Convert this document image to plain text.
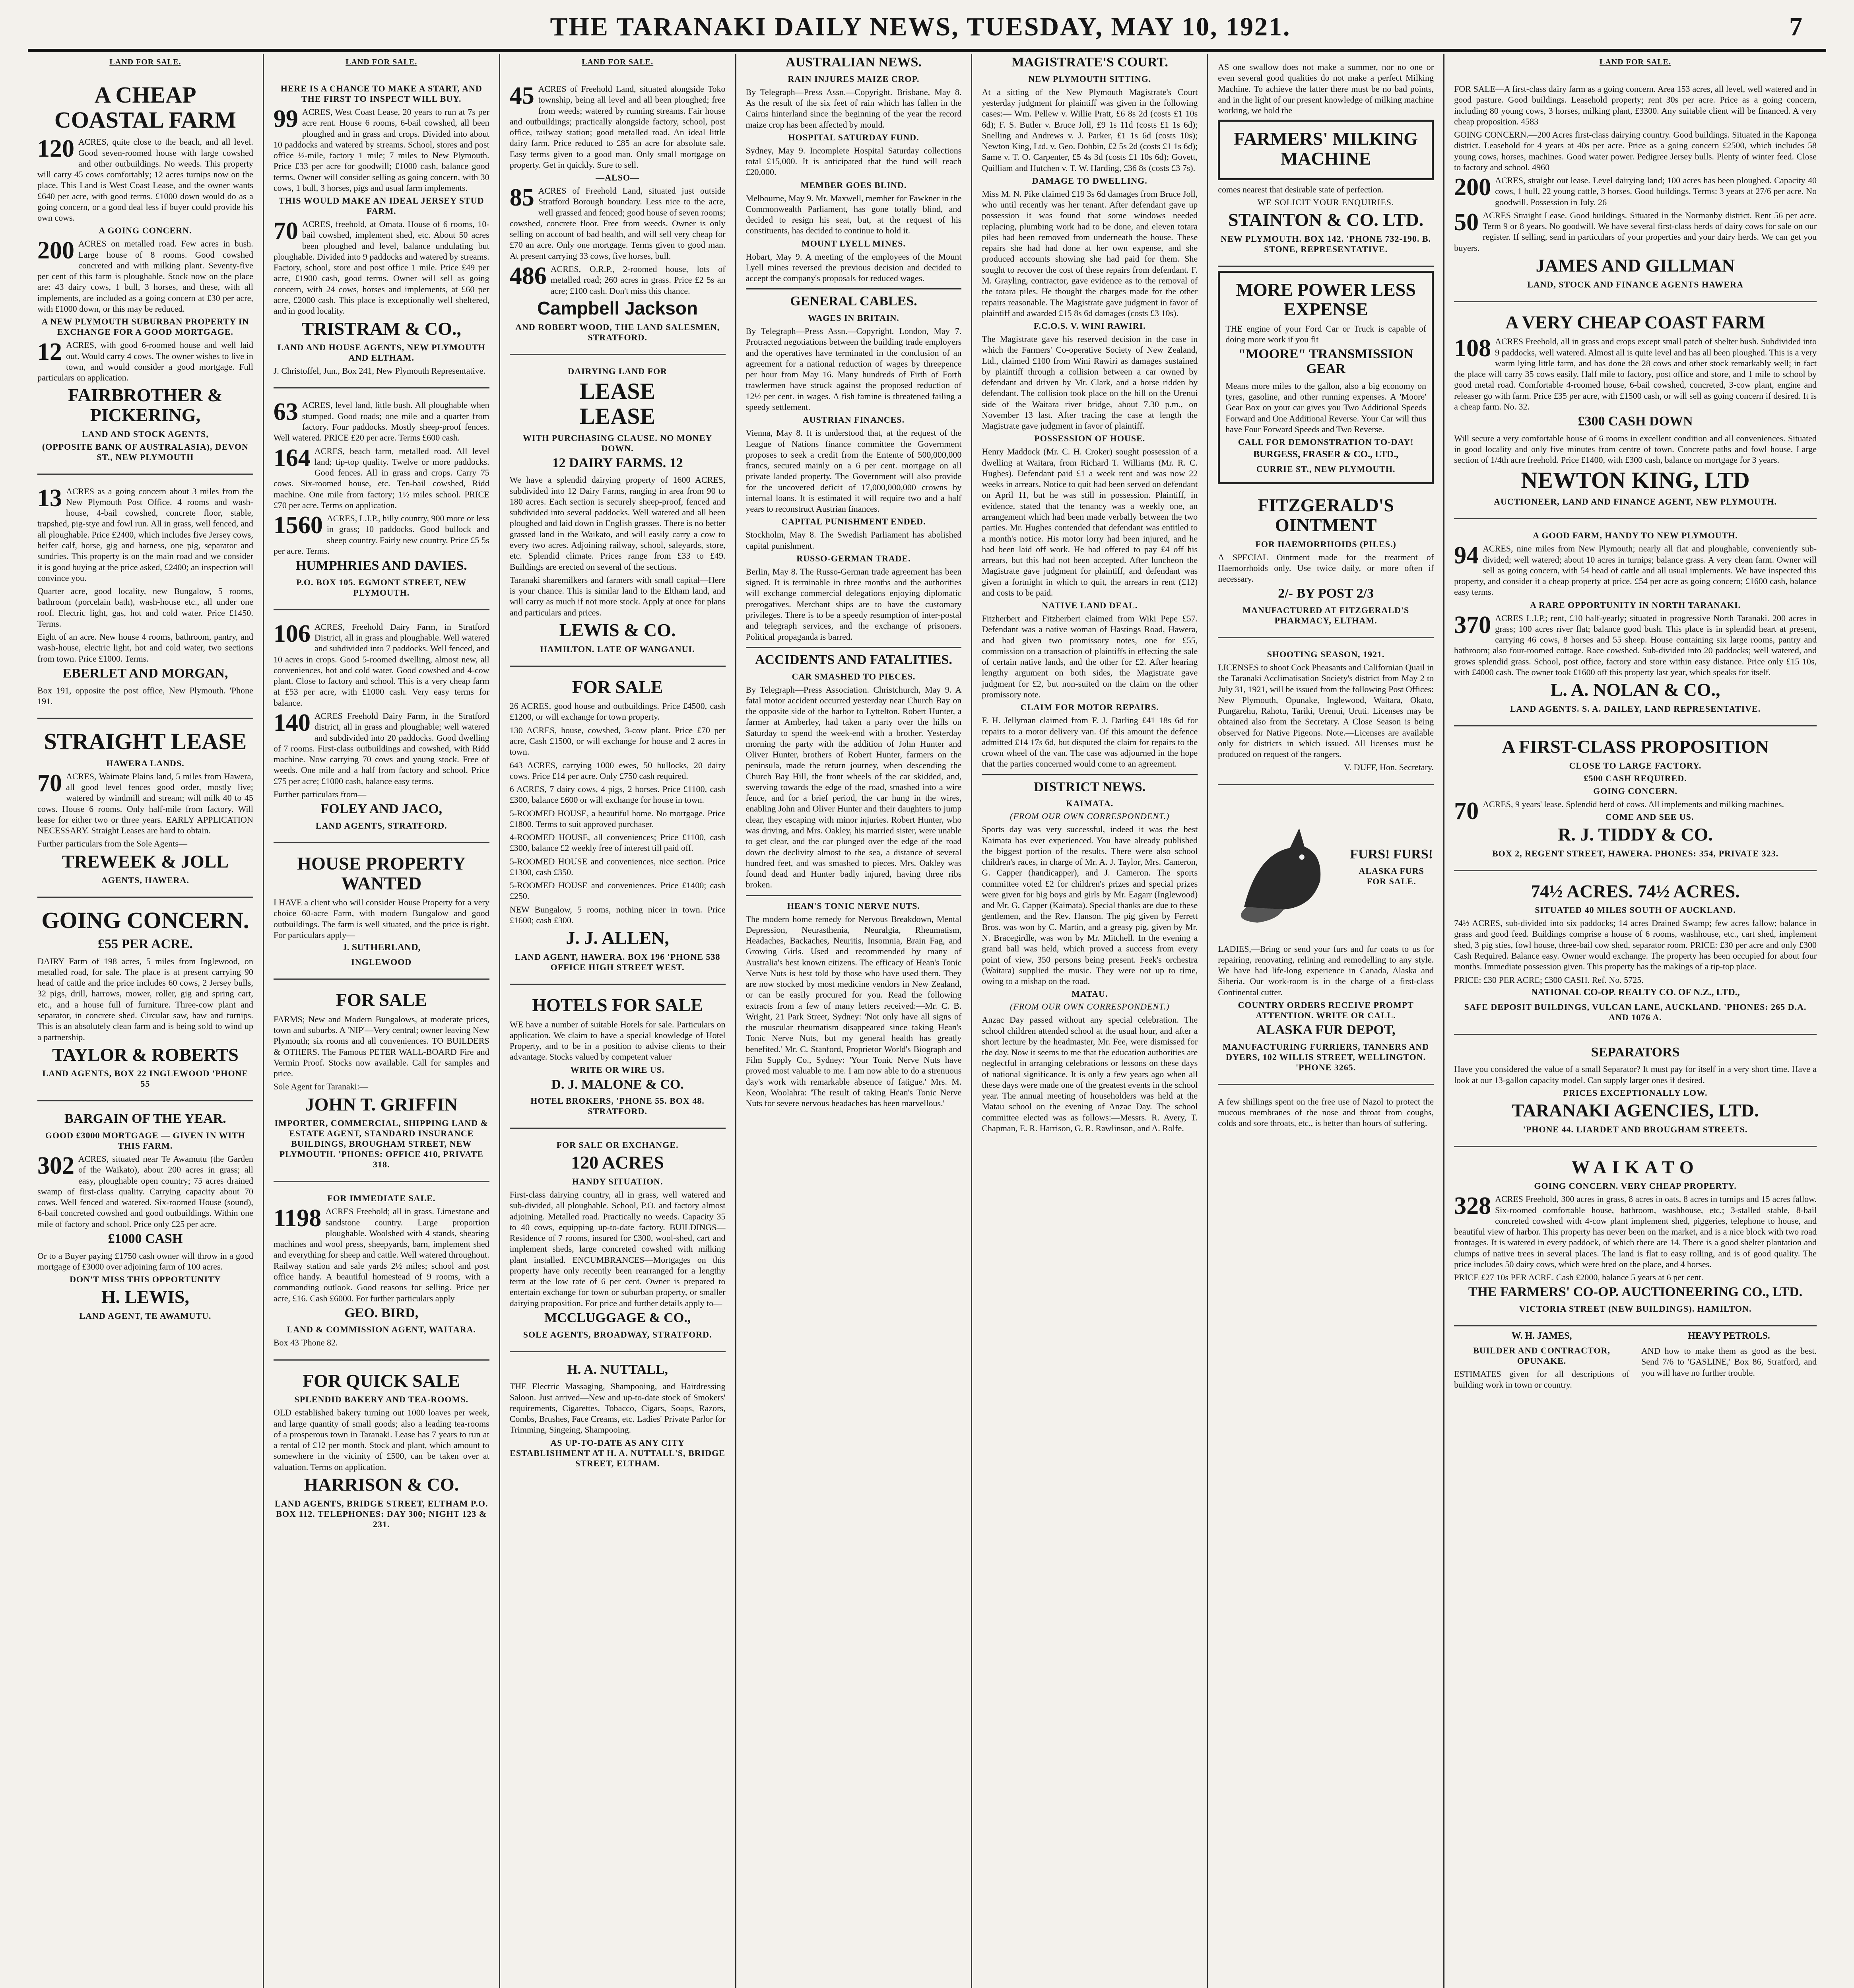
THE TARANAKI DAILY NEWS, TUESDAY, MAY 10, 1921.	7
LAND FOR SALE.
A CHEAP COASTAL FARM
120 ACRES, quite close to the beach, and all level. Good seven-roomed house with large cowshed and other outbuildings. No weeds. This property will carry 45 cows comfortably; 12 acres turnips now on the place. This Land is West Coast Lease, and the owner wants £640 per acre, with good terms. £1000 down would do as a going concern, or a good deal less if buyer could provide his own cows.
A GOING CONCERN.
200 ACRES on metalled road. Few acres in bush. Large house of 8 rooms. Good cowshed concreted and with milking plant. Seventy-five per cent of this farm is ploughable. Stock now on the place are: 43 dairy cows, 1 bull, 3 horses, and these, with all implements, are included as a going concern at £30 per acre, with £1000 down, or this may be reduced.
A NEW PLYMOUTH SUBURBAN PROPERTY IN EXCHANGE FOR A GOOD MORTGAGE.
12 ACRES, with good 6-roomed house and well laid out. Would carry 4 cows. The owner wishes to live in town, and would consider a good mortgage. Full particulars on application.
FAIRBROTHER & PICKERING,
LAND AND STOCK AGENTS,
(OPPOSITE BANK OF AUSTRALASIA), DEVON ST., NEW PLYMOUTH
13 ACRES as a going concern about 3 miles from the New Plymouth Post Office. 4 rooms and wash-house, 4-bail cowshed, concrete floor, stable, trapshed, pig-stye and fowl run. All in grass, well fenced, and all ploughable. Price £2400, which includes five Jersey cows, heifer calf, horse, gig and harness, one pig, separator and sundries. This property is on the main road and we consider it is good buying at the price asked, £2400; an inspection will convince you.
Quarter acre, good locality, new Bungalow, 5 rooms, bathroom (porcelain bath), wash-house etc., all under one roof. Electric light, gas, hot and cold water. Price £1450. Terms.
Eight of an acre. New house 4 rooms, bathroom, pantry, and wash-house, electric light, hot and cold water, two sections from town. Price £1000. Terms.
EBERLET AND MORGAN,
Box 191, opposite the post office, New Plymouth. 'Phone 191.
STRAIGHT LEASE
HAWERA LANDS.
70 ACRES, Waimate Plains land, 5 miles from Hawera, all good level fences good order, mostly live; watered by windmill and stream; will milk 40 to 45 cows. House 6 rooms. Only half-mile from factory. Will lease for either two or three years. EARLY APPLICATION NECESSARY. Straight Leases are hard to obtain.
Further particulars from the Sole Agents—
TREWEEK & JOLL
AGENTS, HAWERA.
GOING CONCERN.
£55 PER ACRE.
DAIRY Farm of 198 acres, 5 miles from Inglewood, on metalled road, for sale. The place is at present carrying 90 head of cattle and the price includes 60 cows, 2 Jersey bulls, 32 pigs, drill, harrows, mower, roller, gig and spring cart, etc., and a house full of furniture. Three-cow plant and separator, in concrete shed. Circular saw, haw and turnips. This is an absolutely clean farm and is being sold to wind up a partnership.
TAYLOR & ROBERTS
LAND AGENTS, BOX 22 INGLEWOOD 'PHONE 55
BARGAIN OF THE YEAR.
GOOD £3000 MORTGAGE — GIVEN IN WITH THIS FARM.
302 ACRES, situated near Te Awamutu (the Garden of the Waikato), about 200 acres in grass; all easy, ploughable open country; 75 acres drained swamp of first-class quality. Carrying capacity about 70 cows. Well fenced and watered. Six-roomed House (sound), 6-bail concreted cowshed and good outbuildings. Within one mile of factory and school. Price only £25 per acre.
£1000 CASH
Or to a Buyer paying £1750 cash owner will throw in a good mortgage of £3000 over adjoining farm of 100 acres.
DON'T MISS THIS OPPORTUNITY
H. LEWIS,
LAND AGENT, TE AWAMUTU.
LAND FOR SALE.
HERE IS A CHANCE TO MAKE A START, AND THE FIRST TO INSPECT WILL BUY.
99 ACRES, West Coast Lease, 20 years to run at 7s per acre rent. House 6 rooms, 6-bail cowshed, all been ploughed and in grass and crops. Divided into about 10 paddocks and watered by streams. School, stores and post office ½-mile, factory 1 mile; 7 miles to New Plymouth. Price £33 per acre for goodwill; £1000 cash, balance good terms. Owner will consider selling as going concern, with 30 cows, 1 bull, 3 horses, pigs and usual farm implements.
THIS WOULD MAKE AN IDEAL JERSEY STUD FARM.
70 ACRES, freehold, at Omata. House of 6 rooms, 10-bail cowshed, implement shed, etc. About 50 acres been ploughed and level, balance undulating but ploughable. Divided into 9 paddocks and watered by streams. Factory, school, store and post office 1 mile. Price £49 per acre, £1900 cash, good terms. Owner will sell as going concern, with 24 cows, horses and implements, at £60 per acre, £2000 cash. This place is exceptionally well sheltered, and in good locality.
TRISTRAM & CO.,
LAND AND HOUSE AGENTS, NEW PLYMOUTH AND ELTHAM.
J. Christoffel, Jun., Box 241, New Plymouth Representative.
63 ACRES, level land, little bush. All ploughable when stumped. Good roads; one mile and a quarter from factory. Four paddocks. Mostly sheep-proof fences. Well watered. PRICE £20 per acre. Terms £600 cash.
164 ACRES, beach farm, metalled road. All level land; tip-top quality. Twelve or more paddocks. Good fences. All in grass and crops. Carry 75 cows. Six-roomed house, etc. Ten-bail cowshed, Ridd machine. One mile from factory; 1½ miles school. PRICE £70 per acre. Terms on application.
1560 ACRES, L.I.P., hilly country, 900 more or less in grass; 10 paddocks. Good bullock and sheep country. Fairly new country. Price £5 5s per acre. Terms.
HUMPHRIES AND DAVIES.
P.O. BOX 105. EGMONT STREET, NEW PLYMOUTH.
106 ACRES, Freehold Dairy Farm, in Stratford District, all in grass and ploughable. Well watered and subdivided into 7 paddocks. Well fenced, and 10 acres in crops. Good 5-roomed dwelling, almost new, all conveniences, hot and cold water. Good cowshed and 4-cow plant. Close to factory and school. This is a very cheap farm at £53 per acre, with £1000 cash. Very easy terms for balance.
140 ACRES Freehold Dairy Farm, in the Stratford district, all in grass and ploughable; well watered and subdivided into 20 paddocks. Good dwelling of 7 rooms. First-class outbuildings and cowshed, with Ridd machine. Now carrying 70 cows and young stock. Free of weeds. One mile and a half from factory and school. Price £75 per acre; £1000 cash, balance easy terms.
Further particulars from—
FOLEY AND JACO,
LAND AGENTS, STRATFORD.
HOUSE PROPERTY WANTED
I HAVE a client who will consider House Property for a very choice 60-acre Farm, with modern Bungalow and good outbuildings. The farm is well situated, and the price is right. For particulars apply—
J. SUTHERLAND,
INGLEWOOD
FOR SALE
FARMS; New and Modern Bungalows, at moderate prices, town and suburbs. A 'NIP'—Very central; owner leaving New Plymouth; six rooms and all conveniences. TO BUILDERS & OTHERS. The Famous PETER WALL-BOARD Fire and Vermin Proof. Stocks now available. Call for samples and price.
Sole Agent for Taranaki:—
JOHN T. GRIFFIN
IMPORTER, COMMERCIAL, SHIPPING LAND & ESTATE AGENT, STANDARD INSURANCE BUILDINGS, BROUGHAM STREET, NEW PLYMOUTH. 'PHONES: OFFICE 410, PRIVATE 318.
FOR IMMEDIATE SALE.
1198 ACRES Freehold; all in grass. Limestone and sandstone country. Large proportion ploughable. Woolshed with 4 stands, shearing machines and wool press, sheepyards, barn, implement shed and everything for sheep and cattle. Well watered throughout. Railway station and sale yards 2½ miles; school and post office handy. A beautiful homestead of 9 rooms, with a commanding outlook. Good reasons for selling. Price per acre, £16. Cash £6000. For further particulars apply
GEO. BIRD,
LAND & COMMISSION AGENT, WAITARA.
Box 43 'Phone 82.
FOR QUICK SALE
SPLENDID BAKERY AND TEA-ROOMS.
OLD established bakery turning out 1000 loaves per week, and large quantity of small goods; also a leading tea-rooms of a prosperous town in Taranaki. Lease has 7 years to run at a rental of £12 per month. Stock and plant, which amount to somewhere in the vicinity of £500, can be taken over at valuation. Terms on application.
HARRISON & CO.
LAND AGENTS, BRIDGE STREET, ELTHAM P.O. BOX 112. TELEPHONES: DAY 300; NIGHT 123 & 231.
LAND FOR SALE.
45 ACRES of Freehold Land, situated alongside Toko township, being all level and all been ploughed; free from weeds; watered by running streams. Fair house and outbuildings; practically alongside factory, school, post office, railway station; good metalled road. An ideal little dairy farm. Price reduced to £85 an acre for absolute sale. Easy terms given to a good man. Only small mortgage on property. Get in quickly. Sure to sell.
—ALSO—
85 ACRES of Freehold Land, situated just outside Stratford Borough boundary. Less nice to the acre, well grassed and fenced; good house of seven rooms; cowshed, concrete floor. Free from weeds. Owner is only selling on account of bad health, and will sell very cheap for £70 an acre. Only one mortgage. Terms given to good man. At present carrying 33 cows, five horses, bull.
486 ACRES, O.R.P., 2-roomed house, lots of metalled road; 260 acres in grass. Price £2 5s an acre; £100 cash. Don't miss this chance.
Campbell Jackson
AND ROBERT WOOD, THE LAND SALESMEN, STRATFORD.
DAIRYING LAND FOR
LEASE LEASE
WITH PURCHASING CLAUSE. NO MONEY DOWN.
12 DAIRY FARMS. 12
We have a splendid dairying property of 1600 ACRES, subdivided into 12 Dairy Farms, ranging in area from 90 to 180 acres. Each section is securely sheep-proof, fenced and subdivided into several paddocks. Well watered and all been ploughed and laid down in English grasses. There is no better grassed land in the Waikato, and will easily carry a cow to every two acres. Adjoining railway, school, saleyards, store, etc. Splendid climate. Prices range from £33 to £49. Buildings are erected on several of the sections.
Taranaki sharemilkers and farmers with small capital—Here is your chance. This is similar land to the Eltham land, and will carry as much if not more stock. Apply at once for plans and particulars and prices.
LEWIS & CO.
HAMILTON. LATE OF WANGANUI.
FOR SALE
26 ACRES, good house and outbuildings. Price £4500, cash £1200, or will exchange for town property.
130 ACRES, house, cowshed, 3-cow plant. Price £70 per acre, Cash £1500, or will exchange for house and 2 acres in town.
643 ACRES, carrying 1000 ewes, 50 bullocks, 20 dairy cows. Price £14 per acre. Only £750 cash required.
6 ACRES, 7 dairy cows, 4 pigs, 2 horses. Price £1100, cash £300, balance £600 or will exchange for house in town.
5-ROOMED HOUSE, a beautiful home. No mortgage. Price £1800. Terms to suit approved purchaser.
4-ROOMED HOUSE, all conveniences; Price £1100, cash £300, balance £2 weekly free of interest till paid off.
5-ROOMED HOUSE and conveniences, nice section. Price £1300, cash £350.
5-ROOMED HOUSE and conveniences. Price £1400; cash £250.
NEW Bungalow, 5 rooms, nothing nicer in town. Price £1600; cash £300.
J. J. ALLEN,
LAND AGENT, HAWERA. BOX 196 'PHONE 538 OFFICE HIGH STREET WEST.
HOTELS FOR SALE
WE have a number of suitable Hotels for sale. Particulars on application. We claim to have a special knowledge of Hotel Property, and to be in a position to advise clients to their advantage. Stocks valued by competent valuer
WRITE OR WIRE US.
D. J. MALONE & CO.
HOTEL BROKERS, 'PHONE 55. BOX 48. STRATFORD.
FOR SALE OR EXCHANGE.
120 ACRES
HANDY SITUATION.
First-class dairying country, all in grass, well watered and sub-divided, all ploughable. School, P.O. and factory almost adjoining. Metalled road. Practically no weeds. Capacity 35 to 40 cows, equipping up-to-date factory. BUILDINGS—Residence of 7 rooms, insured for £300, wool-shed, cart and implement sheds, large concreted cowshed with milking plant installed. ENCUMBRANCES—Mortgages on this property have only recently been rearranged for a lengthy term at the low rate of 6 per cent. Owner is prepared to entertain exchange for town or suburban property, or smaller dairying proposition. For price and further details apply to—
MCCLUGGAGE & CO.,
SOLE AGENTS, BROADWAY, STRATFORD.
H. A. NUTTALL,
THE Electric Massaging, Shampooing, and Hairdressing Saloon. Just arrived—New and up-to-date stock of Smokers' requirements, Cigarettes, Tobacco, Cigars, Soaps, Razors, Combs, Brushes, Face Creams, etc. Ladies' Private Parlor for Trimming, Singeing, Shampooing.
AS UP-TO-DATE AS ANY CITY ESTABLISHMENT AT H. A. NUTTALL'S, BRIDGE STREET, ELTHAM.
AUSTRALIAN NEWS.
RAIN INJURES MAIZE CROP.
By Telegraph—Press Assn.—Copyright. Brisbane, May 8. As the result of the six feet of rain which has fallen in the Cairns hinterland since the beginning of the year the record maize crop has been affected by mould.
HOSPITAL SATURDAY FUND.
Sydney, May 9. Incomplete Hospital Saturday collections total £15,000. It is anticipated that the fund will reach £20,000.
MEMBER GOES BLIND.
Melbourne, May 9. Mr. Maxwell, member for Fawkner in the Commonwealth Parliament, has gone totally blind, and decided to resign his seat, but, at the request of his constituents, has decided to continue to hold it.
MOUNT LYELL MINES.
Hobart, May 9. A meeting of the employees of the Mount Lyell mines reversed the previous decision and decided to accept the company's proposals for reduced wages.
GENERAL CABLES.
WAGES IN BRITAIN.
By Telegraph—Press Assn.—Copyright. London, May 7. Protracted negotiations between the building trade employers and the operatives have terminated in the conclusion of an agreement for a national reduction of wages by threepence per hour from May 16. Many hundreds of Firth of Forth trawlermen have struck against the proposed reduction of 12½ per cent. in wages. A fish famine is threatened failing a speedy settlement.
AUSTRIAN FINANCES.
Vienna, May 8. It is understood that, at the request of the League of Nations finance committee the Government proposes to seek a credit from the Entente of 500,000,000 francs, secured mainly on a 6 per cent. mortgage on all private landed property. The Government will also provide for the uncovered deficit of 17,000,000,000 crowns by internal loans. It is estimated it will require two and a half years to reconstruct Austrian finances.
CAPITAL PUNISHMENT ENDED.
Stockholm, May 8. The Swedish Parliament has abolished capital punishment.
RUSSO-GERMAN TRADE.
Berlin, May 8. The Russo-German trade agreement has been signed. It is terminable in three months and the authorities will exchange commercial delegations enjoying diplomatic prerogatives. Merchant ships are to have the customary privileges. There is to be a speedy resumption of inter-postal and telegraph services, and the exchange of prisoners. Political propaganda is barred.
ACCIDENTS AND FATALITIES.
CAR SMASHED TO PIECES.
By Telegraph—Press Association. Christchurch, May 9. A fatal motor accident occurred yesterday near Church Bay on the opposite side of the harbor to Lyttelton. Robert Hunter, a farmer at Amberley, had taken a party over the hills on Saturday to spend the week-end with a brother. Yesterday morning the party with the addition of John Hunter and Oliver Hunter, brothers of Robert Hunter, farmers on the peninsula, made the return journey, when descending the Church Bay Hill, the front wheels of the car skidded, and, swerving towards the edge of the road, smashed into a wire fence, and for a brief period, the car hung in the wires, enabling John and Oliver Hunter and their daughters to jump clear, they escaping with minor injuries. Robert Hunter, who was driving, and Mrs. Oakley, his married sister, were unable to get clear, and the car plunged over the edge of the road down the declivity almost to the sea, a distance of several hundred feet, and was smashed to pieces. Mrs. Oakley was found dead and Hunter badly injured, having three ribs broken.
HEAN'S TONIC NERVE NUTS.
The modern home remedy for Nervous Breakdown, Mental Depression, Neurasthenia, Neuralgia, Rheumatism, Headaches, Backaches, Neuritis, Insomnia, Brain Fag, and Growing Girls. Used and recommended by many of Australia's best known citizens. The efficacy of Hean's Tonic Nerve Nuts is best told by those who have used them. They are now stocked by most medicine vendors in New Zealand, or can be easily procured for you. Read the following extracts from a few of many letters received:—Mr. C. B. Wright, 21 Park Street, Sydney: 'Not only have all signs of the muscular rheumatism disappeared since taking Hean's Tonic Nerve Nuts, but my general health has greatly benefited.' Mr. C. Stanford, Proprietor World's Biograph and Film Supply Co., Sydney: 'Your Tonic Nerve Nuts have proved most valuable to me. I am now able to do a strenuous day's work with remarkable absence of fatigue.' Mrs. M. Keon, Woolahra: 'The result of taking Hean's Tonic Nerve Nuts for severe nervous headaches has been marvellous.'
MAGISTRATE'S COURT.
NEW PLYMOUTH SITTING.
At a sitting of the New Plymouth Magistrate's Court yesterday judgment for plaintiff was given in the following cases:— Wm. Pellew v. Willie Pratt, £6 8s 2d (costs £1 10s 6d); F. S. Butler v. Bruce Joll, £9 1s 11d (costs £1 1s 6d); Snelling and Andrews v. J. Parker, £1 1s 6d (costs 10s); Newton King, Ltd. v. Geo. Dobbin, £2 5s 2d (costs £1 1s 6d); Same v. T. O. Carpenter, £5 4s 3d (costs £1 10s 6d); Govett, Quilliam and Hutchen v. T. W. Harding, £36 8s (costs £3 7s).
DAMAGE TO DWELLING.
Miss M. N. Pike claimed £19 3s 6d damages from Bruce Joll, who until recently was her tenant. After defendant gave up possession it was found that some windows needed replacing, plumbing work had to be done, and eleven totara piles had been removed from underneath the house. These repairs she had had done at her own expense, and she produced accounts showing she had paid for them. She sought to recover the cost of these repairs from defendant. F. M. Grayling, contractor, gave evidence as to the removal of the totara piles. He thought the charges made for the other repairs reasonable. The Magistrate gave judgment in favor of plaintiff and awarded £15 8s 6d damages (costs £3 10s).
F.C.O.S. V. WINI RAWIRI.
The Magistrate gave his reserved decision in the case in which the Farmers' Co-operative Society of New Zealand, Ltd., claimed £100 from Wini Rawiri as damages sustained by plaintiff through a collision between a car owned by defendant and driven by Mr. Clark, and a horse ridden by defendant. The collision took place on the hill on the Urenui side of the Waitara river bridge, about 7.30 p.m., on November 13 last. After tracing the case at length the Magistrate gave judgment in favor of plaintiff.
POSSESSION OF HOUSE.
Henry Maddock (Mr. C. H. Croker) sought possession of a dwelling at Waitara, from Richard T. Williams (Mr. R. C. Hughes). Defendant paid £1 a week rent and was now 22 weeks in arrears. Notice to quit had been served on defendant on April 11, but he was still in possession. Plaintiff, in evidence, stated that the tenancy was a weekly one, an arrangement which had been made verbally between the two parties. Mr. Hughes contended that defendant was entitled to a month's notice. His motor lorry had been injured, and he had been laid off work. He had offered to pay £4 off his arrears, but this had not been accepted. After luncheon the Magistrate gave judgment for plaintiff, and defendant was given a fortnight in which to quit, the arrears in rent (£12) and costs to be paid.
NATIVE LAND DEAL.
Fitzherbert and Fitzherbert claimed from Wiki Pepe £57. Defendant was a native woman of Hastings Road, Hawera, and had given two promissory notes, one for £55, commission on a transaction of plaintiffs in effecting the sale of certain native lands, and the other for £2. After hearing lengthy argument on both sides, the Magistrate gave judgment for £2, but non-suited on the claim on the other promissory note.
CLAIM FOR MOTOR REPAIRS.
F. H. Jellyman claimed from F. J. Darling £41 18s 6d for repairs to a motor delivery van. Of this amount the defence admitted £14 17s 6d, but disputed the claim for repairs to the crown wheel of the van. The case was adjourned in the hope that the parties concerned would come to an agreement.
DISTRICT NEWS.
KAIMATA.
(FROM OUR OWN CORRESPONDENT.)
Sports day was very successful, indeed it was the best Kaimata has ever experienced. You have already published the biggest portion of the results. There were also school children's races, in charge of Mr. A. J. Taylor, Mrs. Cameron, G. Capper (handicapper), and J. Cameron. The sports committee voted £2 for children's prizes and special prizes were given for big boys and girls by Mr. Eagarr (Inglewood) and Mr. G. Capper (Kaimata). Special thanks are due to these gentlemen, and the Rev. Hanson. The pig given by Ferrett Bros. was won by C. Martin, and a greasy pig, given by Mr. N. Bracegirdle, was won by Mr. Mitchell. In the evening a grand ball was held, which proved a success from every point of view, 350 persons being present. Feek's orchestra (Waitara) supplied the music. They were not up to time, owing to a mishap on the road.
MATAU.
(FROM OUR OWN CORRESPONDENT.)
Anzac Day passed without any special celebration. The school children attended school at the usual hour, and after a short lecture by the headmaster, Mr. Fee, were dismissed for the day. Now it seems to me that the education authorities are neglectful in arranging celebrations or lessons on these days of national significance. It is only a few years ago when all these days were made one of the greatest events in the school year. The annual meeting of householders was held at the Matau school on the evening of Anzac Day. The school committee elected was as follows:—Messrs. R. Avery, T. Chapman, E. R. Harrison, G. R. Rawlinson, and A. Rolfe.
AS one swallow does not make a summer, nor no one or even several good qualities do not make a perfect Milking Machine. To achieve the latter there must be no bad points, and in the light of our present knowledge of milking machine working, we hold the
FARMERS' MILKING MACHINE
comes nearest that desirable state of perfection.
WE SOLICIT YOUR ENQUIRIES.
STAINTON & CO. LTD.
NEW PLYMOUTH. BOX 142. 'PHONE 732-190. B. STONE, REPRESENTATIVE.
MORE POWER LESS EXPENSE
THE engine of your Ford Car or Truck is capable of doing more work if you fit
"MOORE" TRANSMISSION GEAR
Means more miles to the gallon, also a big economy on tyres, gasoline, and other running expenses. A 'Moore' Gear Box on your car gives you Two Additional Speeds Forward and One Additional Reverse. Your Car will thus have Four Forward Speeds and Two Reverse.
CALL FOR DEMONSTRATION TO-DAY!
BURGESS, FRASER & CO., LTD.,
CURRIE ST., NEW PLYMOUTH.
FITZGERALD'S OINTMENT
FOR HAEMORRHOIDS (PILES.)
A SPECIAL Ointment made for the treatment of Haemorrhoids only. Use twice daily, or more often if necessary.
2/- BY POST 2/3
MANUFACTURED AT FITZGERALD'S PHARMACY, ELTHAM.
SHOOTING SEASON, 1921.
LICENSES to shoot Cock Pheasants and Californian Quail in the Taranaki Acclimatisation Society's district from May 2 to July 31, 1921, will be issued from the following Post Offices: New Plymouth, Opunake, Inglewood, Waitara, Okato, Pungarehu, Rahotu, Tariki, Urenui, Uruti. Licenses may be obtained also from the Secretary. A Close Season is being observed for Native Pigeons. Note.—Licenses are available only for districts in which issued. All licenses must be produced on request of the rangers.
V. DUFF, Hon. Secretary.
FURS! FURS!
ALASKA FURS FOR SALE.
LADIES,—Bring or send your furs and fur coats to us for repairing, renovating, relining and remodelling to any style. We have had life-long experience in Canada, Alaska and Siberia. Our work-room is in the charge of a first-class Continental cutter.
COUNTRY ORDERS RECEIVE PROMPT ATTENTION. WRITE OR CALL.
ALASKA FUR DEPOT,
MANUFACTURING FURRIERS, TANNERS AND DYERS, 102 WILLIS STREET, WELLINGTON. 'PHONE 3265.
A few shillings spent on the free use of Nazol to protect the mucous membranes of the nose and throat from coughs, colds and sore throats, etc., is better than hours of suffering.
LAND FOR SALE.
FOR SALE—A first-class dairy farm as a going concern. Area 153 acres, all level, well watered and in good pasture. Good buildings. Leasehold property; rent 30s per acre. Price as a going concern, including 80 young cows, 3 horses, milking plant, £3300. Any suitable client will be financed. A very cheap proposition. 4583
GOING CONCERN.—200 Acres first-class dairying country. Good buildings. Situated in the Kaponga district. Leasehold for 4 years at 40s per acre. Price as a going concern £2500, which includes 58 young cows, horses, machines. Good water power. Pedigree Jersey bulls. Plenty of winter feed. Close to factory and school. 4960
200 ACRES, straight out lease. Level dairying land; 100 acres has been ploughed. Capacity 40 cows, 1 bull, 22 young cattle, 3 horses. Good buildings. Terms: 3 years at 27/6 per acre. No goodwill. Possession in July. 26
50 ACRES Straight Lease. Good buildings. Situated in the Normanby district. Rent 56 per acre. Term 9 or 8 years. No goodwill. We have several first-class herds of dairy cows for sale on our register. If selling, send in particulars of your properties and your dairy herds. We can get you buyers.
JAMES AND GILLMAN
LAND, STOCK AND FINANCE AGENTS HAWERA
A VERY CHEAP COAST FARM
108 ACRES Freehold, all in grass and crops except small patch of shelter bush. Subdivided into 9 paddocks, well watered. Almost all is quite level and has all been ploughed. This is a very warm lying little farm, and has done the 28 cows and other stock remarkably well; in fact the place will carry 35 cows easily. Half mile to factory, post office and store, and 1 mile to school by good metal road. Comfortable 4-roomed house, 6-bail cowshed, concreted, 3-cow plant, engine and releaser go with farm. Price £35 per acre, with £1500 cash, or will sell as going concern if desired. It is a cheap farm. No. 32.
£300 CASH DOWN
Will secure a very comfortable house of 6 rooms in excellent condition and all conveniences. Situated in good locality and only five minutes from centre of town. Concrete paths and fowl house. Large section of 1/4th acre freehold. Price £1400, with £300 cash, balance on mortgage for 3 years.
NEWTON KING, LTD
AUCTIONEER, LAND AND FINANCE AGENT, NEW PLYMOUTH.
A GOOD FARM, HANDY TO NEW PLYMOUTH.
94 ACRES, nine miles from New Plymouth; nearly all flat and ploughable, conveniently sub-divided; well watered; about 10 acres in turnips; balance grass. A very clean farm. Owner will sell as going concern, with 54 head of cattle and all usual implements. We have inspected this property, and consider it a cheap property at price. £54 per acre as going concern; £1600 cash, balance easy terms.
A RARE OPPORTUNITY IN NORTH TARANAKI.
370 ACRES L.I.P.; rent, £10 half-yearly; situated in progressive North Taranaki. 200 acres in grass; 100 acres river flat; balance good bush. This place is in splendid heart at present, carrying 46 cows, 8 horses and 55 sheep. House containing six large rooms, pantry and bathroom; also four-roomed cottage. Race cowshed. Sub-divided into 20 paddocks; well watered, and grows splendid grass. School, post office, factory and store within easy distance. Price only £15 10s, with £4000 cash. The owner took £1600 off this property last year, which speaks for itself.
L. A. NOLAN & CO.,
LAND AGENTS. S. A. DAILEY, LAND REPRESENTATIVE.
A FIRST-CLASS PROPOSITION
CLOSE TO LARGE FACTORY.
£500 CASH REQUIRED.
GOING CONCERN.
70 ACRES, 9 years' lease. Splendid herd of cows. All implements and milking machines.
COME AND SEE US.
R. J. TIDDY & CO.
BOX 2, REGENT STREET, HAWERA. PHONES: 354, PRIVATE 323.
74½ ACRES. 74½ ACRES.
SITUATED 40 MILES SOUTH OF AUCKLAND.
74½ ACRES, sub-divided into six paddocks; 14 acres Drained Swamp; few acres fallow; balance in grass and good feed. Buildings comprise a house of 6 rooms, washhouse, etc., cart shed, implement shed, 3 pig sties, fowl house, three-bail cow shed, separator room. PRICE: £30 per acre and only £300 Cash Required. Balance easy. Owner would exchange. The property has been occupied for about four months. Immediate possession given. This property has the makings of a tip-top place.
PRICE: £30 PER ACRE; £300 CASH. Ref. No. 5725.
NATIONAL CO-OP. REALTY CO. OF N.Z., LTD.,
SAFE DEPOSIT BUILDINGS, VULCAN LANE, AUCKLAND. 'PHONES: 265 D.A. AND 1076 A.
SEPARATORS
Have you considered the value of a small Separator? It must pay for itself in a very short time. Have a look at our 13-gallon capacity model. Can supply larger ones if desired.
PRICES EXCEPTIONALLY LOW.
TARANAKI AGENCIES, LTD.
'PHONE 44. LIARDET AND BROUGHAM STREETS.
WAIKATO
GOING CONCERN. VERY CHEAP PROPERTY.
328 ACRES Freehold, 300 acres in grass, 8 acres in oats, 8 acres in turnips and 15 acres fallow. Six-roomed comfortable house, bathroom, washhouse, etc.; 3-stalled stable, 8-bail concreted cowshed with 4-cow plant implement shed, piggeries, telephone to house, and beautiful view of harbor. This property has never been on the market, and is a nice block with two road frontages. It is watered in every paddock, of which there are 14. There is a good shelter plantation and clumps of native trees in several places. The land is flat to easy rolling, and is of good quality. The price includes 50 dairy cows, which were bred on the place, and 4 horses.
PRICE £27 10s PER ACRE. Cash £2000, balance 5 years at 6 per cent.
THE FARMERS' CO-OP. AUCTIONEERING CO., LTD.
VICTORIA STREET (NEW BUILDINGS). HAMILTON.
W. H. JAMES,
BUILDER AND CONTRACTOR, OPUNAKE.
ESTIMATES given for all descriptions of building work in town or country.
HEAVY PETROLS.
AND how to make them as good as the best. Send 7/6 to 'GASLINE,' Box 86, Stratford, and you will have no further trouble.
